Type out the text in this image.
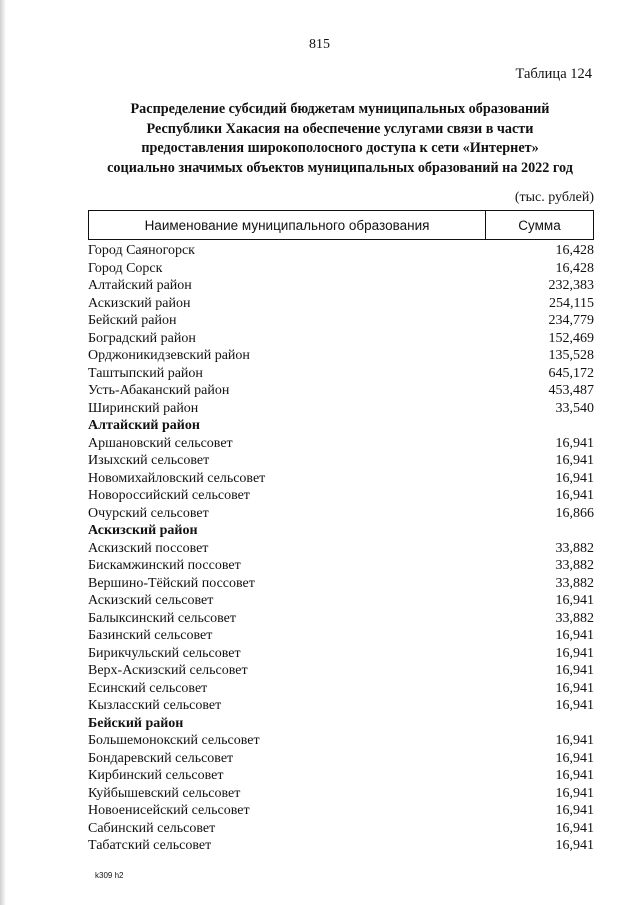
815
Таблица 124
Распределение субсидий бюджетам муниципальных образований
Республики Хакасия на обеспечение услугами связи в части
предоставления широкополосного доступа к сети «Интернет»
социально значимых объектов муниципальных образований на 2022 год
(тыс. рублей)
Наименование муниципального образования	Сумма
Город Саяногорск	16,428
Город Сорск	16,428
Алтайский район	232,383
Аскизский район	254,115
Бейский район	234,779
Боградский район	152,469
Орджоникидзевский район	135,528
Таштыпский район	645,172
Усть-Абаканский район	453,487
Ширинский район	33,540
Алтайский район
Аршановский сельсовет	16,941
Изыхский сельсовет	16,941
Новомихайловский сельсовет	16,941
Новороссийский сельсовет	16,941
Очурский сельсовет	16,866
Аскизский район
Аскизский поссовет	33,882
Бискамжинский поссовет	33,882
Вершино-Тёйский поссовет	33,882
Аскизский сельсовет	16,941
Балыксинский сельсовет	33,882
Базинский сельсовет	16,941
Бирикчульский сельсовет	16,941
Верх-Аскизский сельсовет	16,941
Есинский сельсовет	16,941
Кызласский сельсовет	16,941
Бейский район
Большемонокский сельсовет	16,941
Бондаревский сельсовет	16,941
Кирбинский сельсовет	16,941
Куйбышевский сельсовет	16,941
Новоенисейский сельсовет	16,941
Сабинский сельсовет	16,941
Табатский сельсовет	16,941
k309 h2
